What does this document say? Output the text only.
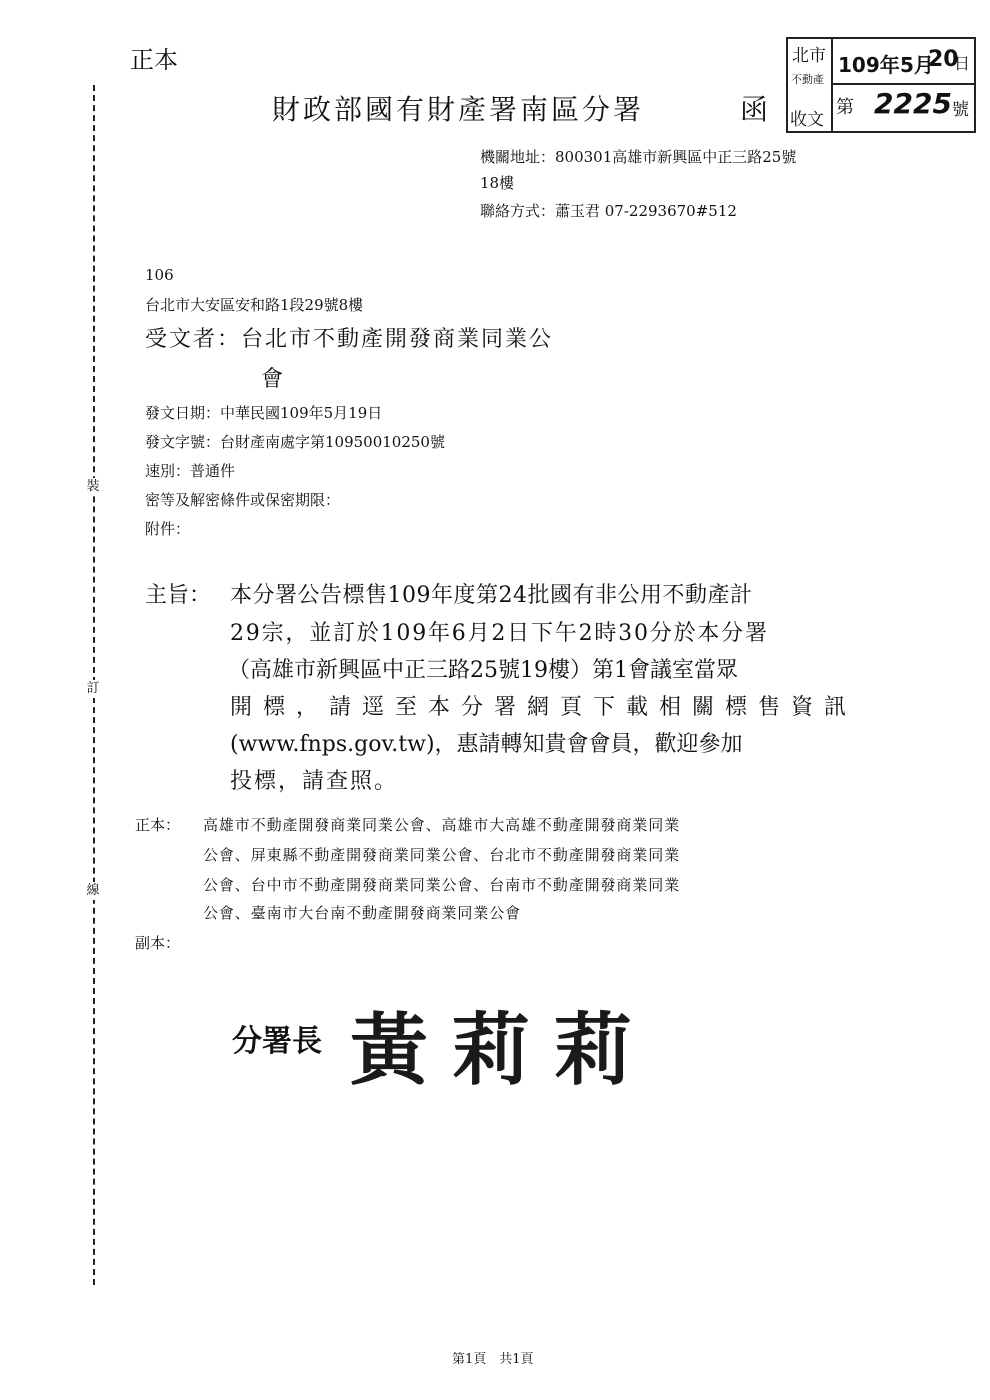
裝
訂
線
正本
財政部國有財產署南區分署	函
北市
不動產
收文
109年 5月
20
日
第 2225 號
機關地址：800301高雄市新興區中正三路25號
18樓
聯絡方式：蕭玉君 07-2293670#512
106
台北市大安區安和路1段29號8樓
受文者：台北市不動產開發商業同業公
會
發文日期：中華民國109年5月19日
發文字號：台財產南處字第10950010250號
速別：普通件
密等及解密條件或保密期限：
附件：
主旨： 本分署公告標售109年度第24批國有非公用不動產計
29宗，並訂於109年6月2日下午2時30分於本分署
（高雄市新興區中正三路25號19樓）第1會議室當眾
開標，請逕至本分署網頁下載相關標售資訊
(www.fnps.gov.tw)，惠請轉知貴會會員，歡迎參加
投標，請查照。
正本： 高雄市不動產開發商業同業公會、高雄市大高雄不動產開發商業同業
公會、屏東縣不動產開發商業同業公會、台北市不動產開發商業同業
公會、台中市不動產開發商業同業公會、台南市不動產開發商業同業
公會、臺南市大台南不動產開發商業同業公會
副本：
分署長 黃莉莉
第1頁　共1頁
